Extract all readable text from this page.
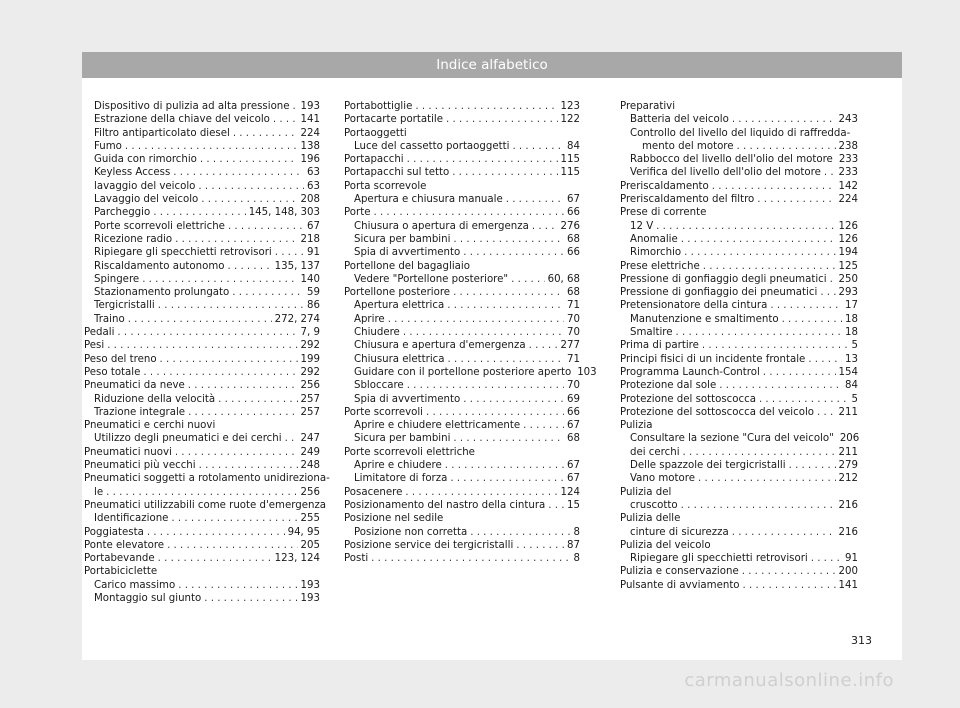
Indice alfabetico
Dispositivo di pulizia ad alta pressione . . . 193
Estrazione della chiave del veicolo . . .	141
Filtro antiparticolato diesel . . .	224
Fumo . . .	138
Guida con rimorchio . . .	196
Keyless Access . . .	63
lavaggio del veicolo . . .	63
Lavaggio del veicolo . . .	208
Parcheggio . . .	145, 148, 303
Porte scorrevoli elettriche . . .	67
Ricezione radio . . .	218
Ripiegare gli specchietti retrovisori . . .	91
Riscaldamento autonomo . . .	135, 137
Spingere . . .	140
Stazionamento prolungato . . .	59
Tergicristalli . . .	86
Traino . . .	272, 274
Pedali . . .	7, 9
Pesi . . .	292
Peso del treno . . .	199
Peso totale . . .	292
Pneumatici da neve . . .	256
Riduzione della velocità . . .	257
Trazione integrale . . .	257
Pneumatici e cerchi nuovi
Utilizzo degli pneumatici e dei cerchi . . . 247
Pneumatici nuovi . . .	249
Pneumatici più vecchi . . .	248
Pneumatici soggetti a rotolamento unidireziona-
le . . .	256
Pneumatici utilizzabili come ruote d'emergenza
Identificazione . . .	255
Poggiatesta . . .	94, 95
Ponte elevatore . . .	205
Portabevande . . .	123, 124
Portabiciclette
Carico massimo . . .	193
Montaggio sul giunto . . .	193
Portabottiglie . . .	123
Portacarte portatile . . .	122
Portaoggetti
Luce del cassetto portaoggetti . . .	84
Portapacchi . . .	115
Portapacchi sul tetto . . .	115
Porta scorrevole
Apertura e chiusura manuale . . .	67
Porte . . .	66
Chiusura o apertura di emergenza . . .	276
Sicura per bambini . . .	68
Spia di avvertimento . . .	66
Portellone del bagagliaio
Vedere "Portellone posteriore" . . .	60, 68
Portellone posteriore . . .	68
Apertura elettrica . . .	71
Aprire . . .	70
Chiudere . . .	70
Chiusura e apertura d'emergenza . . .	277
Chiusura elettrica . . .	71
Guidare con il portellone posteriore aperto 103
Sbloccare . . .	70
Spia di avvertimento . . .	69
Porte scorrevoli . . .	66
Aprire e chiudere elettricamente . . .	67
Sicura per bambini . . .	68
Porte scorrevoli elettriche
Aprire e chiudere . . .	67
Limitatore di forza . . .	67
Posacenere . . .	124
Posizionamento del nastro della cintura . . . 15
Posizione nel sedile
Posizione non corretta . . .	8
Posizione service dei tergicristalli . . .	87
Posti . . .	8
Preparativi
Batteria del veicolo . . .	243
Controllo del livello del liquido di raffredda-
mento del motore . . .	238
Rabbocco del livello dell'olio del motore 233
Verifica del livello dell'olio del motore . . . 233
Preriscaldamento . . .	142
Preriscaldamento del filtro . . .	224
Prese di corrente
12 V . . .	126
Anomalie . . .	126
Rimorchio . . .	194
Prese elettriche . . .	125
Pressione di gonfiaggio degli pneumatici . . . 250
Pressione di gonfiaggio dei pneumatici . . . 293
Pretensionatore della cintura . . .	17
Manutenzione e smaltimento . . .	18
Smaltire . . .	18
Prima di partire . . .	5
Principi fisici di un incidente frontale . . .	13
Programma Launch-Control . . .	154
Protezione dal sole . . .	84
Protezione del sottoscocca . . .	5
Protezione del sottoscocca del veicolo . . . 211
Pulizia
Consultare la sezione "Cura del veicolo" 206
dei cerchi . . .	211
Delle spazzole dei tergicristalli . . .	279
Vano motore . . .	212
Pulizia del
cruscotto . . .	216
Pulizia delle
cinture di sicurezza . . .	216
Pulizia del veicolo
Ripiegare gli specchietti retrovisori . . .	91
Pulizia e conservazione . . .	200
Pulsante di avviamento . . .	141
313
carmanualsonline.info
